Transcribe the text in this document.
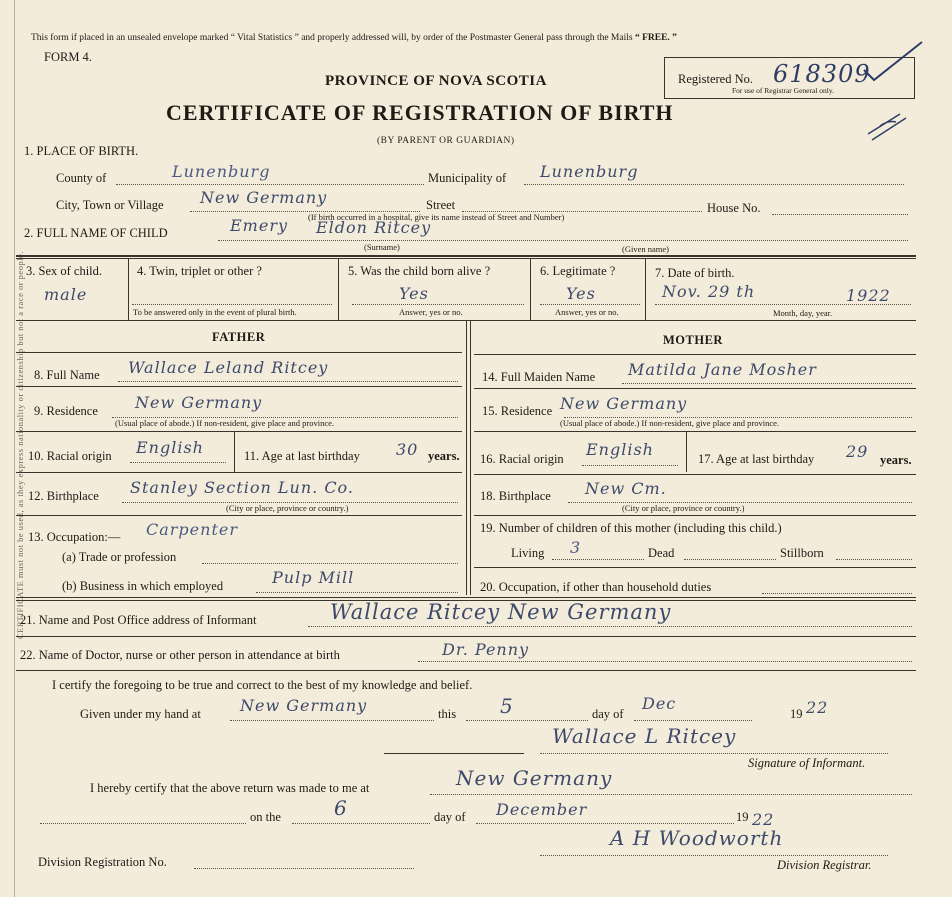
CERTIFICATE must not be used, as they express nationality or citizenship but not a race or people.
This form if placed in an unsealed envelope marked “ Vital Statistics ” and properly addressed will, by order of the Postmaster General pass through the Mails “ FREE. ”
FORM 4.
PROVINCE OF NOVA SCOTIA
CERTIFICATE OF REGISTRATION OF BIRTH
(BY PARENT OR GUARDIAN)
Registered No. 618309
For use of Registrar General only.
1. PLACE OF BIRTH.
County of	Lunenburg	Municipality of Lunenburg
City, Town or Village New Germany	Street	House No.
(If birth occurred in a hospital, give its name instead of Street and Number)
2. FULL NAME OF CHILD	Emery Eldon Ritcey
(Surname)	(Given name)
3. Sex of child.
male
4. Twin, triplet or other ?
To be answered only in the event of plural birth.
5. Was the child born alive ?
Yes
Answer, yes or no.
6. Legitimate ?
Yes
Answer, yes or no.
7. Date of birth.
Nov. 29 th	1922
Month, day, year.
FATHER	MOTHER
8. Full Name Wallace Leland Ritcey
9. Residence New Germany
(Usual place of abode.) If non-resident, give place and province.
10. Racial origin English	11. Age at last birthday 30 years.
12. Birthplace Stanley Section Lun. Co.
(City or place, province or country.)
13. Occupation:— Carpenter
(a) Trade or profession
(b) Business in which employed	Pulp Mill
14. Full Maiden Name Matilda Jane Mosher
15. Residence New Germany
(Usual place of abode.) If non-resident, give place and province.
16. Racial origin English	17. Age at last birthday 29 years.
18. Birthplace New Cm.
(City or place, province or country.)
19. Number of children of this mother (including this child.)
Living 3	Dead	Stillborn
20. Occupation, if other than household duties
21. Name and Post Office address of Informant	Wallace Ritcey New Germany
22. Name of Doctor, nurse or other person in attendance at birth	Dr. Penny
I certify the foregoing to be true and correct to the best of my knowledge and belief.
Given under my hand at New Germany	this 5	day of
Dec
19 22
Wallace L Ritcey
Signature of Informant.
I hereby certify that the above return was made to me at	New Germany
on the	6	day of December	19 22
Division Registration No.
A H Woodworth
Division Registrar.
